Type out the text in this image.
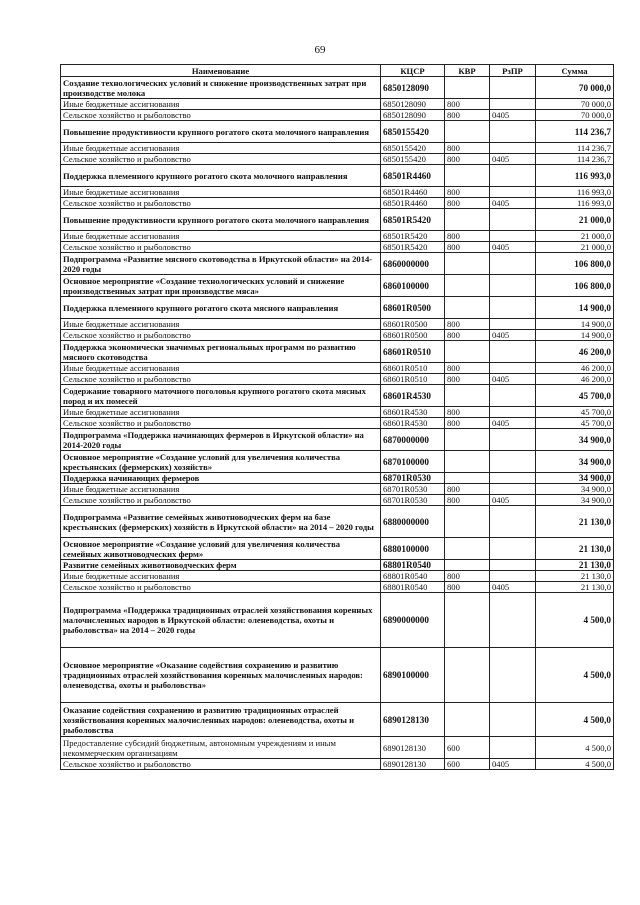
69
Наименование	КЦСР	КВР	РзПР	Сумма
Создание технологических условий и снижение производственных затрат при производстве молока	6850128090			70 000,0
Иные бюджетные ассигнования	6850128090	800		70 000,0
Сельское хозяйство и рыболовство	6850128090	800	0405	70 000,0
Повышение продуктивности крупного рогатого скота молочного направления	6850155420			114 236,7
Иные бюджетные ассигнования	6850155420	800		114 236,7
Сельское хозяйство и рыболовство	6850155420	800	0405	114 236,7
Поддержка племенного крупного рогатого скота молочного направления	68501R4460			116 993,0
Иные бюджетные ассигнования	68501R4460	800		116 993,0
Сельское хозяйство и рыболовство	68501R4460	800	0405	116 993,0
Повышение продуктивности крупного рогатого скота молочного направления	68501R5420			21 000,0
Иные бюджетные ассигнования	68501R5420	800		21 000,0
Сельское хозяйство и рыболовство	68501R5420	800	0405	21 000,0
Подпрограмма «Развитие мясного скотоводства в Иркутской области» на 2014-2020 годы	6860000000			106 800,0
Основное мероприятие «Создание технологических условий и снижение производственных затрат при производстве мяса»	6860100000			106 800,0
Поддержка племенного крупного рогатого скота мясного направления	68601R0500			14 900,0
Иные бюджетные ассигнования	68601R0500	800		14 900,0
Сельское хозяйство и рыболовство	68601R0500	800	0405	14 900,0
Поддержка экономически значимых региональных программ по развитию мясного скотоводства	68601R0510			46 200,0
Иные бюджетные ассигнования	68601R0510	800		46 200,0
Сельское хозяйство и рыболовство	68601R0510	800	0405	46 200,0
Содержание товарного маточного поголовья крупного рогатого скота мясных пород и их помесей	68601R4530			45 700,0
Иные бюджетные ассигнования	68601R4530	800		45 700,0
Сельское хозяйство и рыболовство	68601R4530	800	0405	45 700,0
Подпрограмма «Поддержка начинающих фермеров в Иркутской области» на 2014-2020 годы	6870000000			34 900,0
Основное мероприятие «Создание условий для увеличения количества крестьянских (фермерских) хозяйств»	6870100000			34 900,0
Поддержка начинающих фермеров	68701R0530			34 900,0
Иные бюджетные ассигнования	68701R0530	800		34 900,0
Сельское хозяйство и рыболовство	68701R0530	800	0405	34 900,0
Подпрограмма «Развитие семейных животноводческих ферм на базе крестьянских (фермерских) хозяйств в Иркутской области» на 2014 – 2020 годы	6880000000			21 130,0
Основное мероприятие «Создание условий для увеличения количества семейных животноводческих ферм»	6880100000			21 130,0
Развитие семейных животноводческих ферм	68801R0540			21 130,0
Иные бюджетные ассигнования	68801R0540	800		21 130,0
Сельское хозяйство и рыболовство	68801R0540	800	0405	21 130,0
Подпрограмма «Поддержка традиционных отраслей хозяйствования коренных малочисленных народов в Иркутской области: оленеводства, охоты и рыболовства» на 2014 – 2020 годы	6890000000			4 500,0
Основное мероприятие «Оказание содействия сохранению и развитию традиционных отраслей хозяйствования коренных малочисленных народов: оленеводства, охоты и рыболовства»	6890100000			4 500,0
Оказание содействия сохранению и развитию традиционных отраслей хозяйствования коренных малочисленных народов: оленеводства, охоты и рыболовства	6890128130			4 500,0
Предоставление субсидий бюджетным, автономным учреждениям и иным некоммерческим организациям	6890128130	600		4 500,0
Сельское хозяйство и рыболовство	6890128130	600	0405	4 500,0
